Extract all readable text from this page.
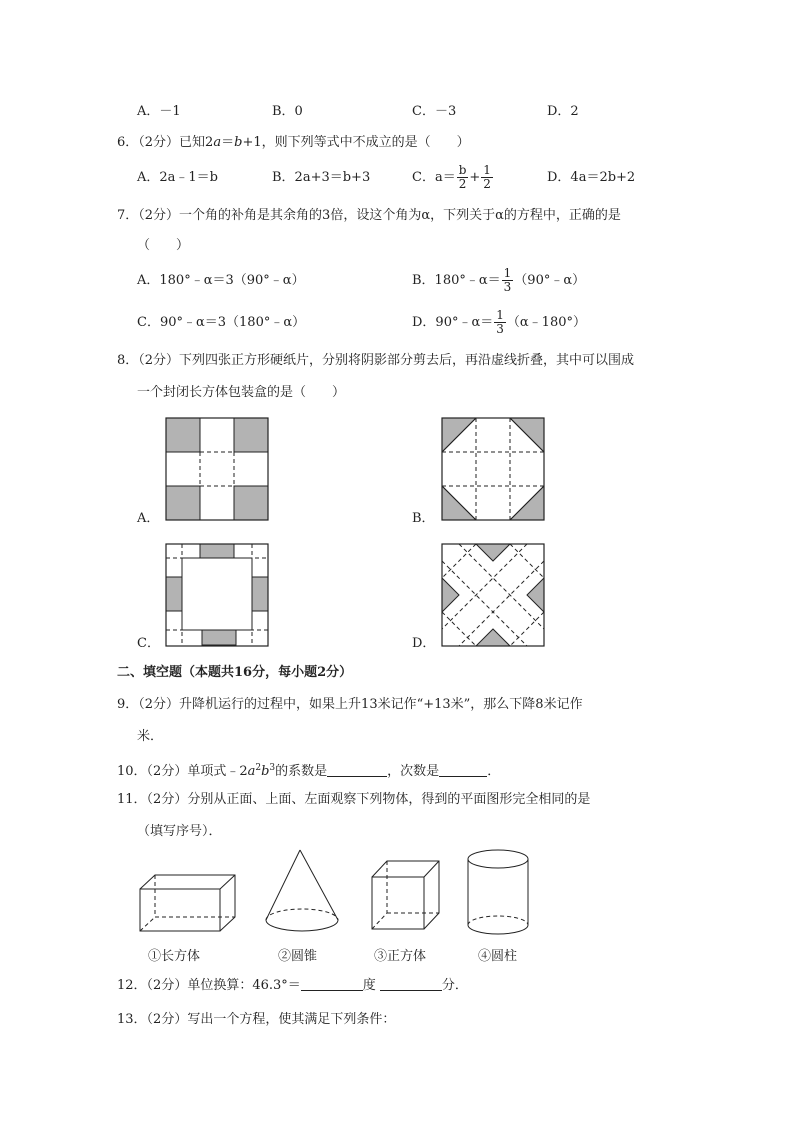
A．－1	B．0	C．－3	D．2
6．（2分）已知2a＝b+1，则下列等式中不成立的是（　　）
A．2a﹣1＝b	B．2a+3＝b+3	C．$a= \frac{b}{2} + \frac{1}{2}$	D．4a＝2b+2
7．（2分）一个角的补角是其余角的3倍，设这个角为α，下列关于α的方程中，正确的是
（　　）
A．180°﹣α＝3（90°﹣α）	B．180°﹣α＝ $\frac{1}{3}$ （90°﹣α）
C．90°﹣α＝3（180°﹣α）	D．90°﹣α＝ $\frac{1}{3}$ （α﹣180°）
8．（2分）下列四张正方形硬纸片，分别将阴影部分剪去后，再沿虚线折叠，其中可以围成
一个封闭长方体包装盒的是（　　）
A．	B．
C．	D．
二、填空题（本题共16分，每小题2分）
9．（2分）升降机运行的过程中，如果上升13米记作“+13米”，那么下降8米记作
米．
10．（2分）单项式$﹣2a^2b^3$的系数是	，次数是	．
11．（2分）分别从正面、上面、左面观察下列物体，得到的平面图形完全相同的是
（填写序号）．
①长方体	②圆锥	③正方体	④圆柱
12．（2分）单位换算：46.3°＝	度	分．
13．（2分）写出一个方程，使其满足下列条件：
